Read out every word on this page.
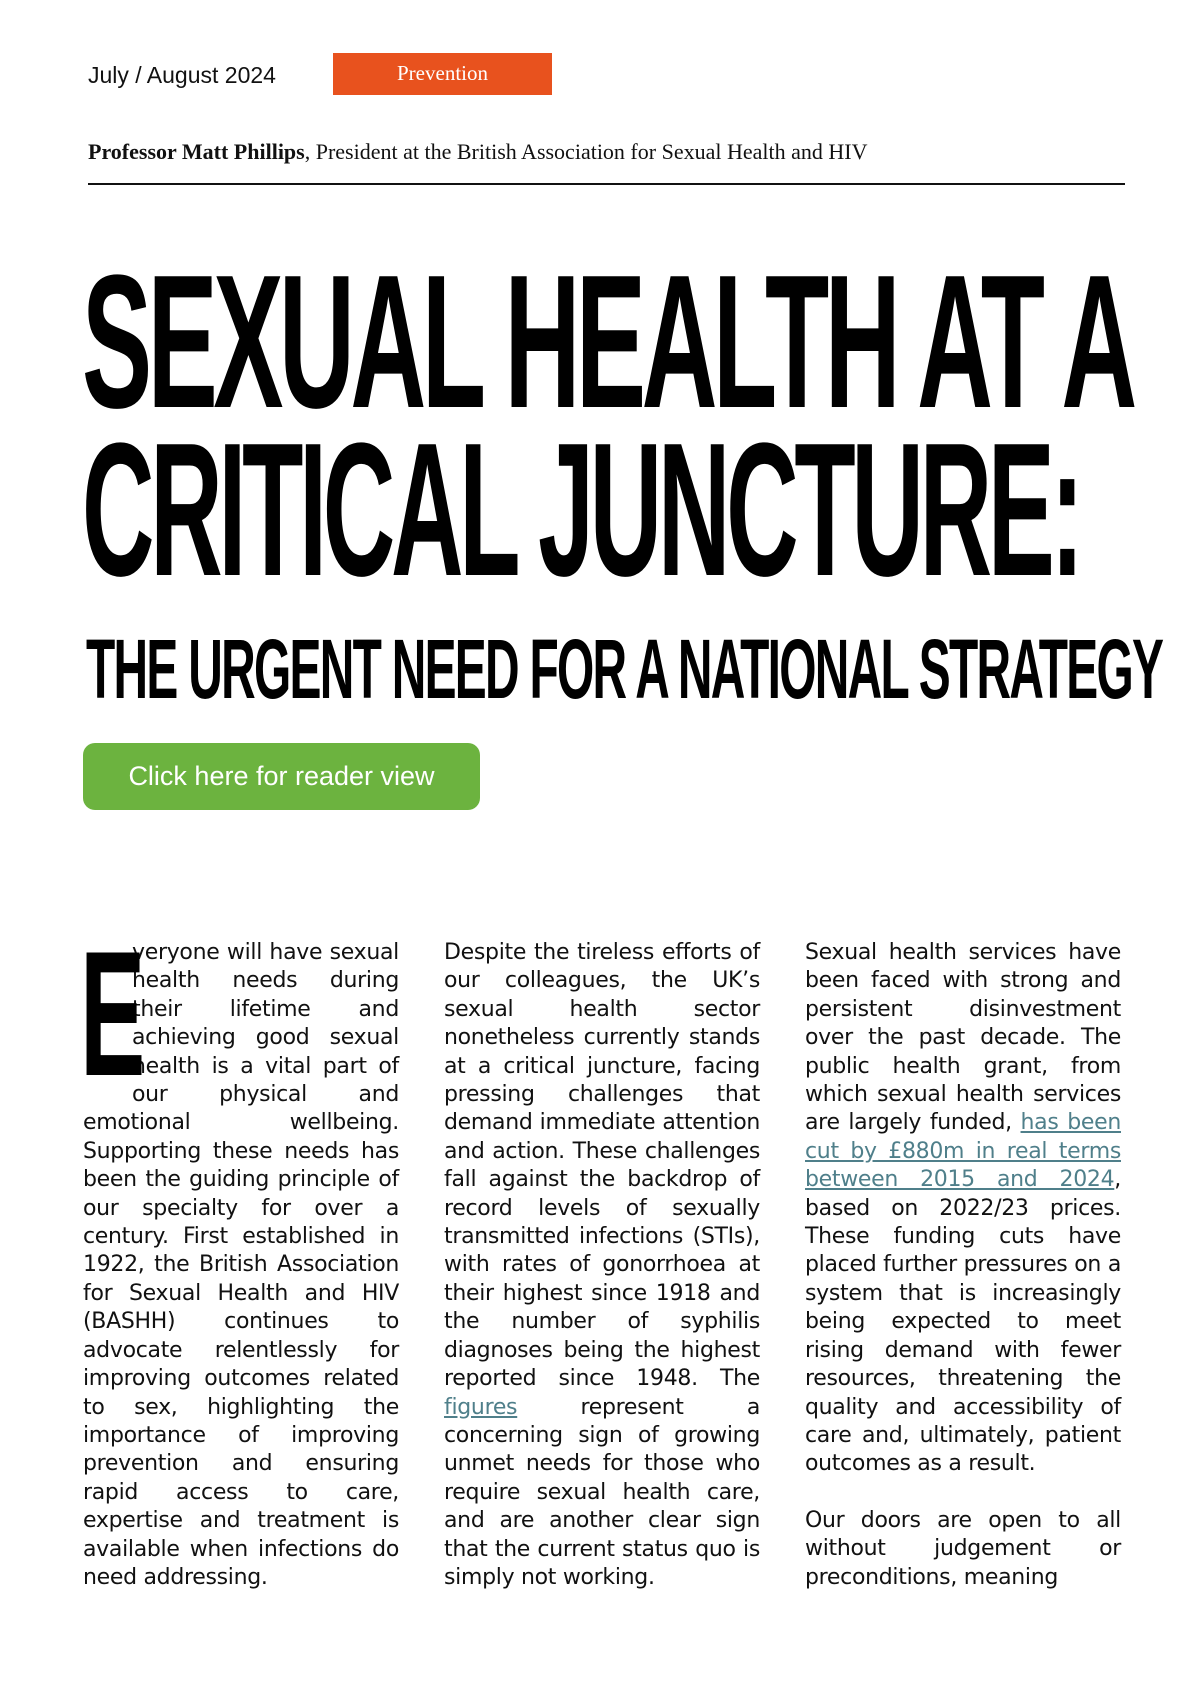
July / August 2024	Prevention
Professor Matt Phillips, President at the British Association for Sexual Health and HIV
SEXUAL HEALTH AT A
CRITICAL JUNCTURE:
THE URGENT NEED FOR A NATIONAL STRATEGY
Click here for reader view

E
veryone will have sexual health needs during their lifetime and achieving good sexual health is a vital part of our physical and emotional wellbeing. Supporting these needs has been the guiding principle of our specialty for over a century. First established in 1922, the British Association for Sexual Health and HIV (BASHH) continues to advocate relentlessly for improving outcomes related to sex, highlighting the importance of improving prevention and ensuring rapid access to care, expertise and treatment is available when infections do need addressing.

Despite the tireless efforts of our colleagues, the UK’s sexual health sector nonetheless currently stands at a critical juncture, facing pressing challenges that demand immediate attention and action. These challenges fall against the backdrop of record levels of sexually transmitted infections (STIs), with rates of gonorrhoea at their highest since 1918 and the number of syphilis diagnoses being the highest reported since 1948. The figures represent a concerning sign of growing unmet needs for those who require sexual health care, and are another clear sign that the current status quo is simply not working.

Sexual health services have been faced with strong and persistent disinvestment over the past decade. The public health grant, from which sexual health services are largely funded, has been cut by £880m in real terms between 2015 and 2024, based on 2022/23 prices. These funding cuts have placed further pressures on a system that is increasingly being expected to meet rising demand with fewer resources, threatening the quality and accessibility of care and, ultimately, patient outcomes as a result.

Our doors are open to all without judgement or preconditions, meaning
